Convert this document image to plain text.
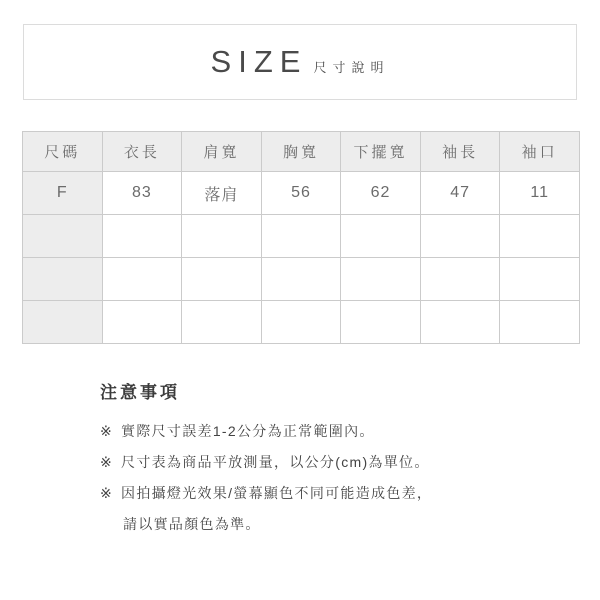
SIZE 尺寸說明
尺碼	衣長	肩寬	胸寬	下擺寬	袖長	袖口
F	83	落肩	56	62	47	11

注意事項
※ 實際尺寸誤差1-2公分為正常範圍內。
※ 尺寸表為商品平放測量，以公分(cm)為單位。
※ 因拍攝燈光效果/螢幕顯色不同可能造成色差，
請以實品顏色為準。
